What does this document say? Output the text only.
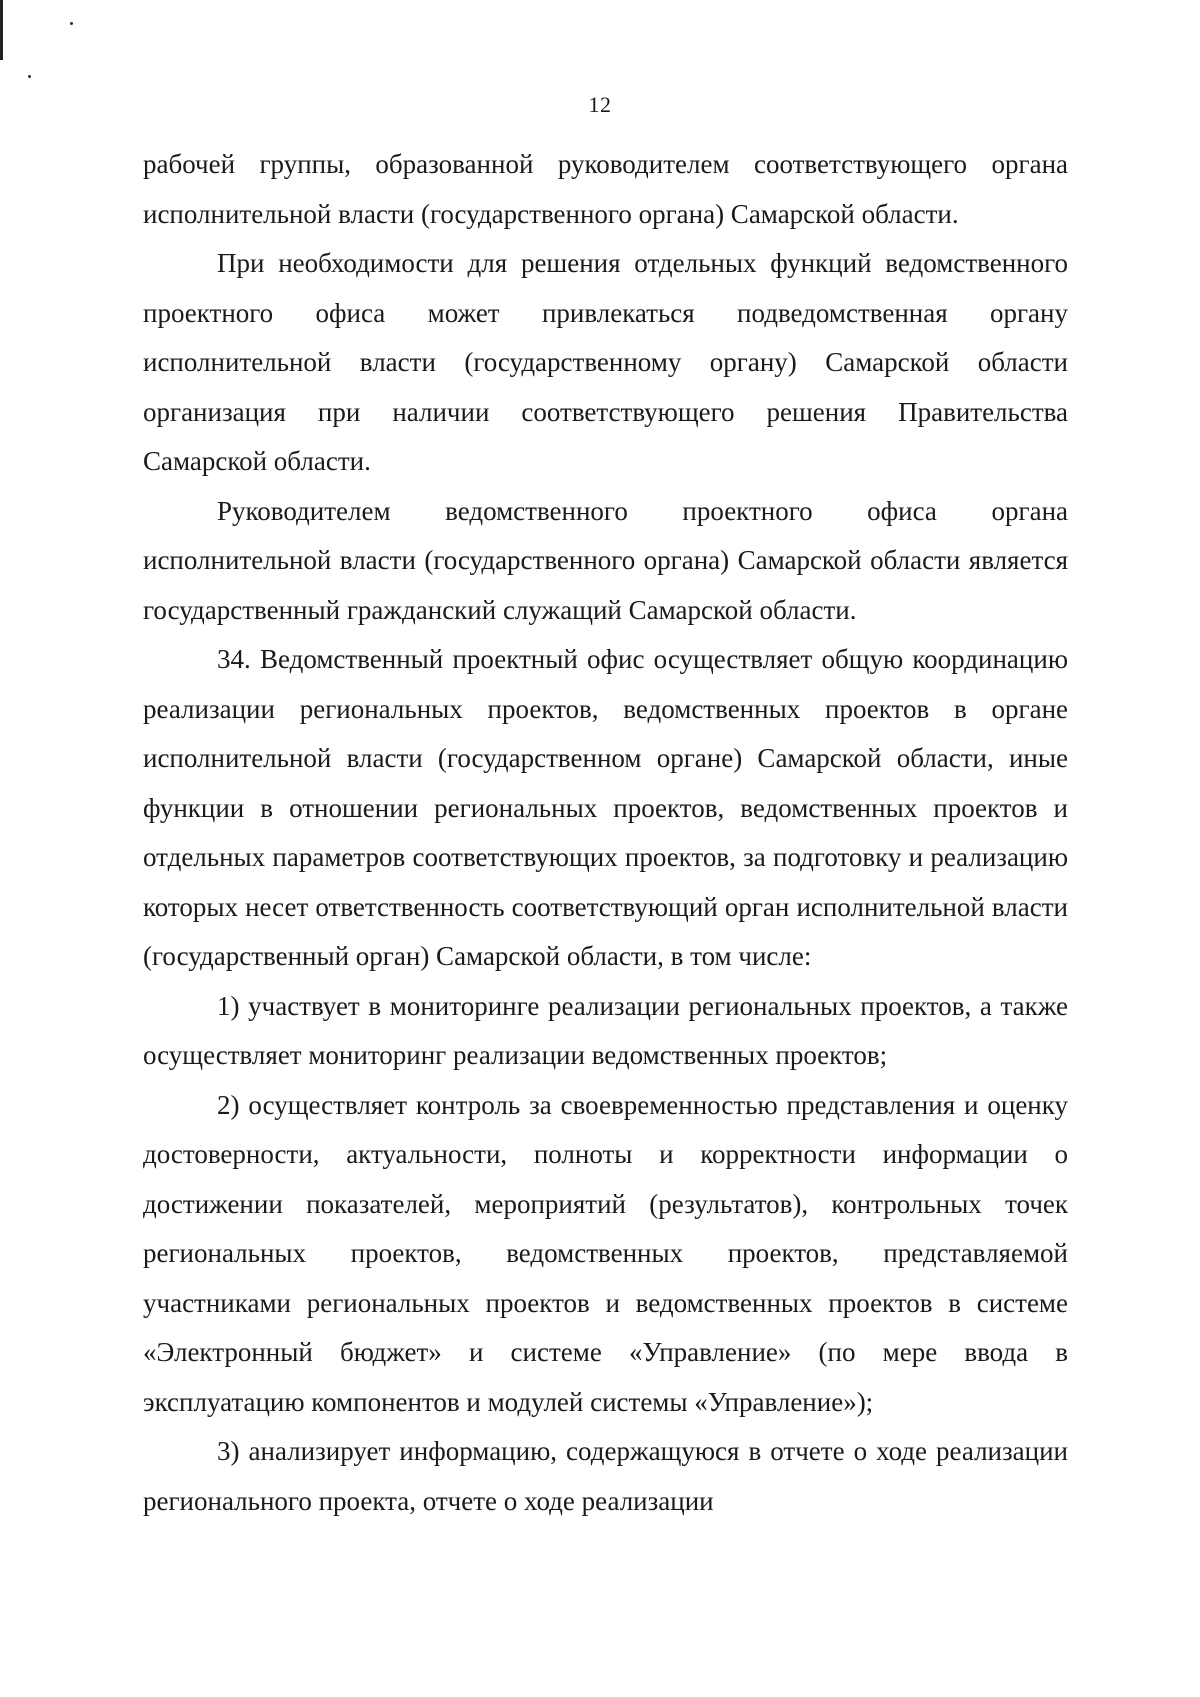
12

рабочей группы, образованной руководителем соответствующего органа исполнительной власти (государственного органа) Самарской области.

При необходимости для решения отдельных функций ведомственного проектного офиса может привлекаться подведомственная органу исполнительной власти (государственному органу) Самарской области организация при наличии соответствующего решения Правительства Самарской области.

Руководителем ведомственного проектного офиса органа исполнительной власти (государственного органа) Самарской области является государственный гражданский служащий Самарской области.

34. Ведомственный проектный офис осуществляет общую координацию реализации региональных проектов, ведомственных проектов в органе исполнительной власти (государственном органе) Самарской области, иные функции в отношении региональных проектов, ведомственных проектов и отдельных параметров соответствующих проектов, за подготовку и реализацию которых несет ответственность соответствующий орган исполнительной власти (государственный орган) Самарской области, в том числе:

1) участвует в мониторинге реализации региональных проектов, а также осуществляет мониторинг реализации ведомственных проектов;

2) осуществляет контроль за своевременностью представления и оценку достоверности, актуальности, полноты и корректности информации о достижении показателей, мероприятий (результатов), контрольных точек региональных проектов, ведомственных проектов, представляемой участниками региональных проектов и ведомственных проектов в системе «Электронный бюджет» и системе «Управление» (по мере ввода в эксплуатацию компонентов и модулей системы «Управление»);

3) анализирует информацию, содержащуюся в отчете о ходе реализации регионального проекта, отчете о ходе реализации
